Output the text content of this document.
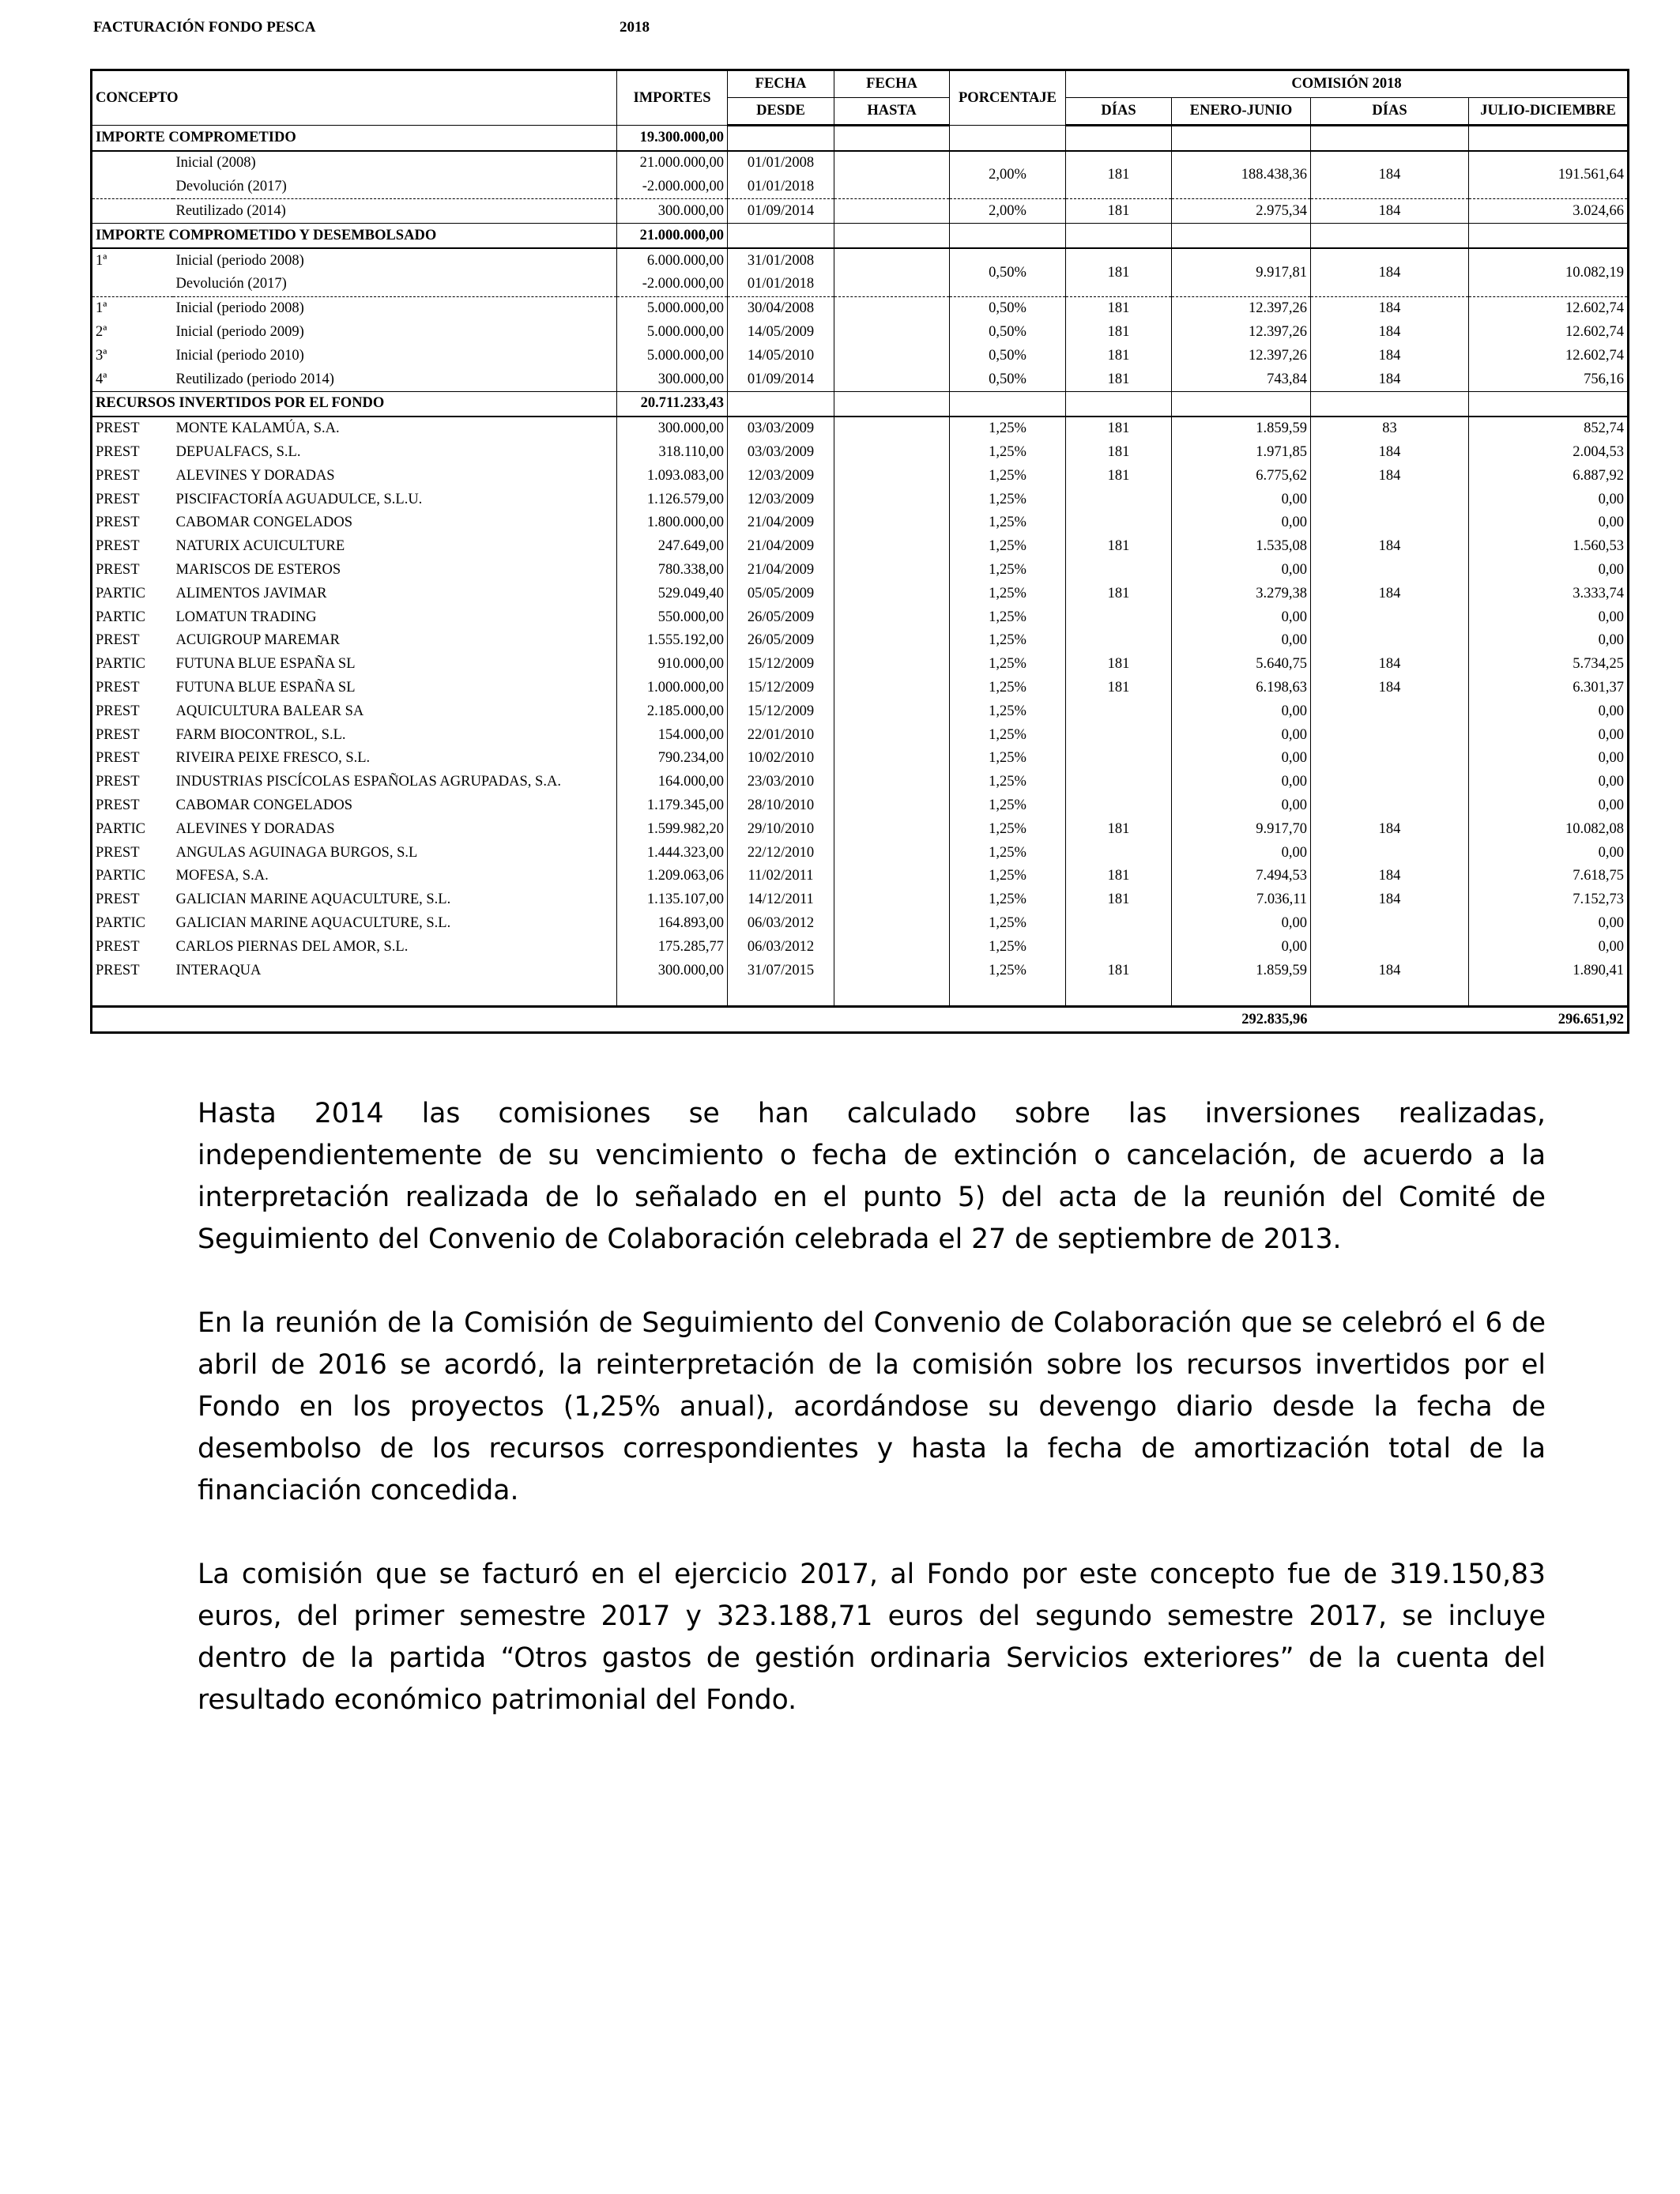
FACTURACIÓN FONDO PESCA	2018
CONCEPTO		IMPORTES	FECHA	FECHA	PORCENTAJE	COMISIÓN 2018			
			DESDE	HASTA		DÍAS	ENERO-JUNIO	DÍAS	JULIO-DICIEMBRE
IMPORTE COMPROMETIDO		19.300.000,00							
	Inicial (2008)	21.000.000,00	01/01/2008		2,00%	181	188.438,36	184	191.561,64
	Devolución (2017)	-2.000.000,00	01/01/2018						
	Reutilizado (2014)	300.000,00	01/09/2014		2,00%	181	2.975,34	184	3.024,66
IMPORTE COMPROMETIDO Y DESEMBOLSADO		21.000.000,00							
1ª	Inicial (periodo 2008)	6.000.000,00	31/01/2008		0,50%	181	9.917,81	184	10.082,19
	Devolución (2017)	-2.000.000,00	01/01/2018						
1ª	Inicial (periodo 2008)	5.000.000,00	30/04/2008		0,50%	181	12.397,26	184	12.602,74
2ª	Inicial (periodo 2009)	5.000.000,00	14/05/2009		0,50%	181	12.397,26	184	12.602,74
3ª	Inicial (periodo 2010)	5.000.000,00	14/05/2010		0,50%	181	12.397,26	184	12.602,74
4ª	Reutilizado (periodo 2014)	300.000,00	01/09/2014		0,50%	181	743,84	184	756,16
RECURSOS INVERTIDOS POR EL FONDO		20.711.233,43							
PREST	MONTE KALAMÚA, S.A.	300.000,00	03/03/2009		1,25%	181	1.859,59	83	852,74
PREST	DEPUALFACS, S.L.	318.110,00	03/03/2009		1,25%	181	1.971,85	184	2.004,53
PREST	ALEVINES Y DORADAS	1.093.083,00	12/03/2009		1,25%	181	6.775,62	184	6.887,92
PREST	PISCIFACTORÍA AGUADULCE, S.L.U.	1.126.579,00	12/03/2009		1,25%		0,00		0,00
PREST	CABOMAR CONGELADOS	1.800.000,00	21/04/2009		1,25%		0,00		0,00
PREST	NATURIX ACUICULTURE	247.649,00	21/04/2009		1,25%	181	1.535,08	184	1.560,53
PREST	MARISCOS DE ESTEROS	780.338,00	21/04/2009		1,25%		0,00		0,00
PARTIC	ALIMENTOS JAVIMAR	529.049,40	05/05/2009		1,25%	181	3.279,38	184	3.333,74
PARTIC	LOMATUN TRADING	550.000,00	26/05/2009		1,25%		0,00		0,00
PREST	ACUIGROUP MAREMAR	1.555.192,00	26/05/2009		1,25%		0,00		0,00
PARTIC	FUTUNA BLUE ESPAÑA SL	910.000,00	15/12/2009		1,25%	181	5.640,75	184	5.734,25
PREST	FUTUNA BLUE ESPAÑA SL	1.000.000,00	15/12/2009		1,25%	181	6.198,63	184	6.301,37
PREST	AQUICULTURA BALEAR SA	2.185.000,00	15/12/2009		1,25%		0,00		0,00
PREST	FARM BIOCONTROL, S.L.	154.000,00	22/01/2010		1,25%		0,00		0,00
PREST	RIVEIRA PEIXE FRESCO, S.L.	790.234,00	10/02/2010		1,25%		0,00		0,00
PREST	INDUSTRIAS PISCÍCOLAS ESPAÑOLAS AGRUPADAS, S.A.	164.000,00	23/03/2010		1,25%		0,00		0,00
PREST	CABOMAR CONGELADOS	1.179.345,00	28/10/2010		1,25%		0,00		0,00
PARTIC	ALEVINES Y DORADAS	1.599.982,20	29/10/2010		1,25%	181	9.917,70	184	10.082,08
PREST	ANGULAS AGUINAGA BURGOS, S.L	1.444.323,00	22/12/2010		1,25%		0,00		0,00
PARTIC	MOFESA, S.A.	1.209.063,06	11/02/2011		1,25%	181	7.494,53	184	7.618,75
PREST	GALICIAN MARINE AQUACULTURE, S.L.	1.135.107,00	14/12/2011		1,25%	181	7.036,11	184	7.152,73
PARTIC	GALICIAN MARINE AQUACULTURE, S.L.	164.893,00	06/03/2012		1,25%		0,00		0,00
PREST	CARLOS PIERNAS DEL AMOR, S.L.	175.285,77	06/03/2012		1,25%		0,00		0,00
PREST	INTERAQUA	300.000,00	31/07/2015		1,25%	181	1.859,59	184	1.890,41

							292.835,96		296.651,92

Hasta 2014 las comisiones se han calculado sobre las inversiones realizadas, independientemente de su vencimiento o fecha de extinción o cancelación, de acuerdo a la interpretación realizada de lo señalado en el punto 5) del acta de la reunión del Comité de Seguimiento del Convenio de Colaboración celebrada el 27 de septiembre de 2013.

En la reunión de la Comisión de Seguimiento del Convenio de Colaboración que se celebró el 6 de abril de 2016 se acordó, la reinterpretación de la comisión sobre los recursos invertidos por el Fondo en los proyectos (1,25% anual), acordándose su devengo diario desde la fecha de desembolso de los recursos correspondientes y hasta la fecha de amortización total de la financiación concedida.

La comisión que se facturó en el ejercicio 2017, al Fondo por este concepto fue de 319.150,83 euros, del primer semestre 2017 y 323.188,71 euros del segundo semestre 2017, se incluye dentro de la partida “Otros gastos de gestión ordinaria Servicios exteriores” de la cuenta del resultado económico patrimonial del Fondo.
